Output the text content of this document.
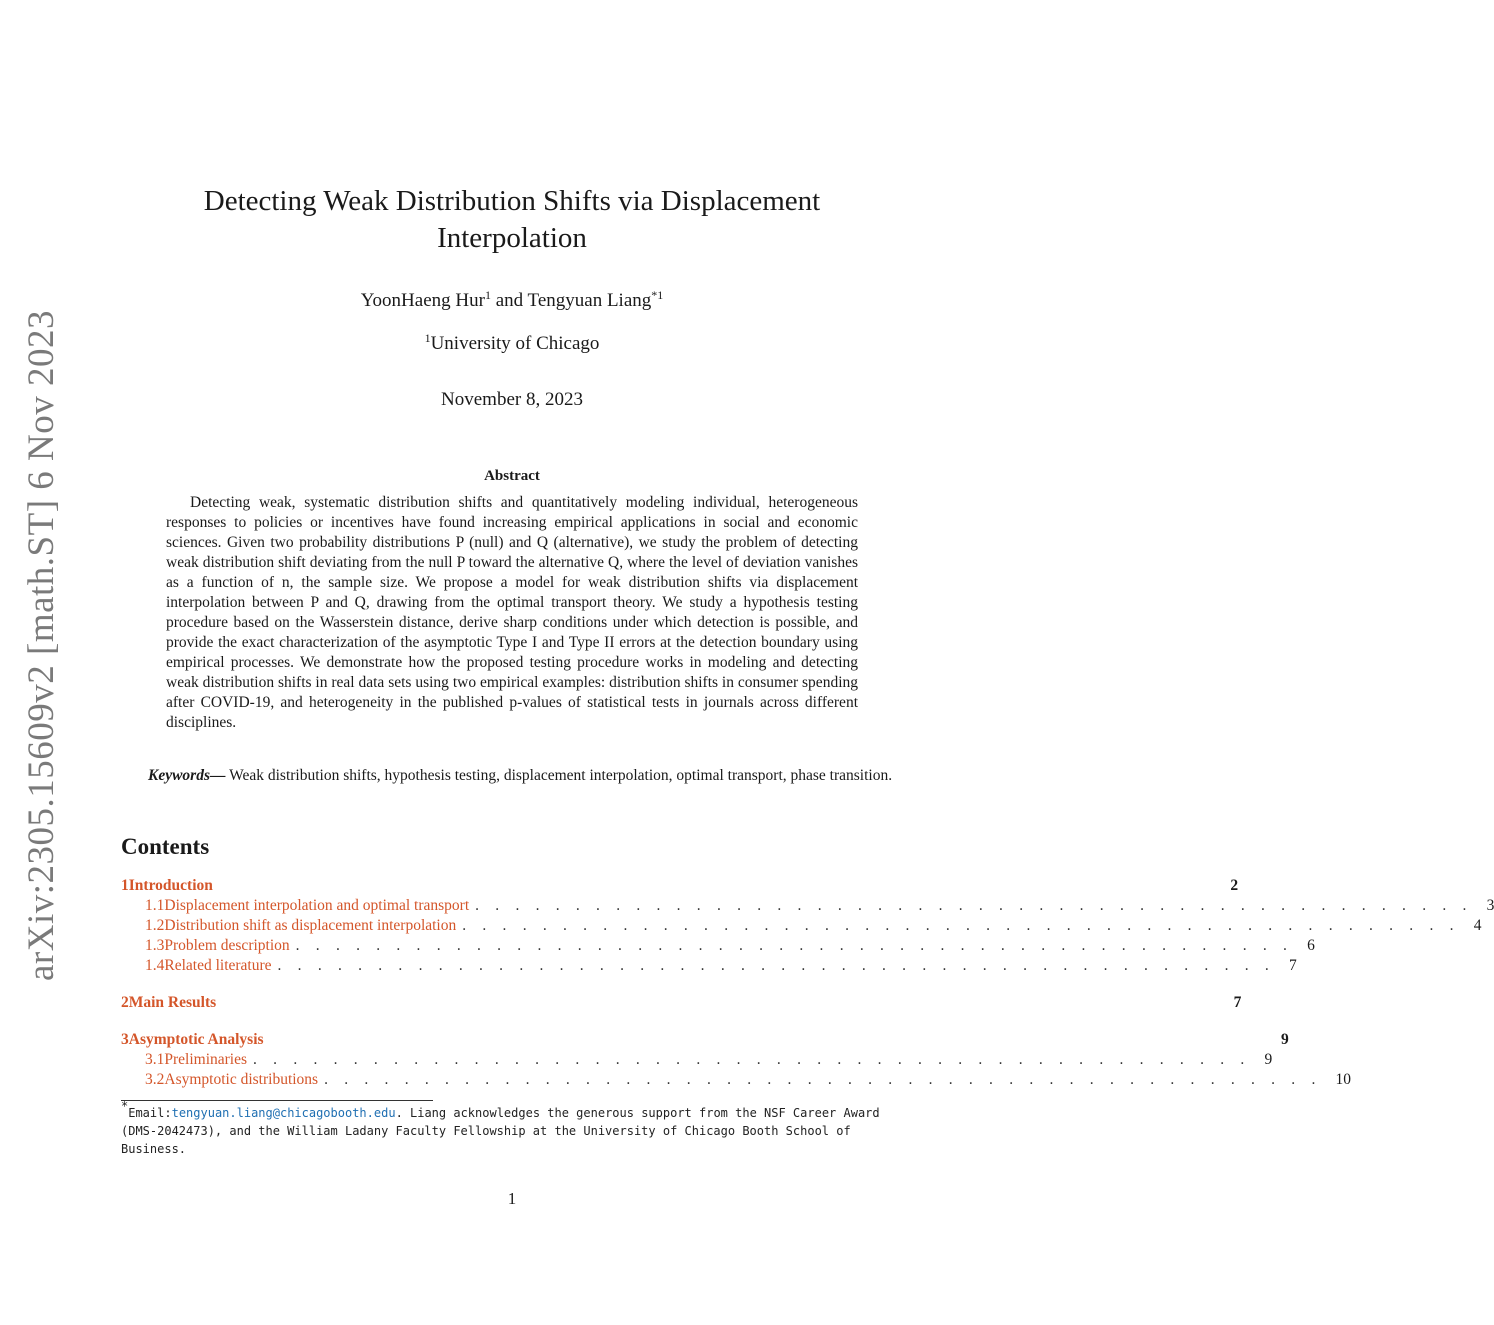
arXiv:2305.15609v2 [math.ST] 6 Nov 2023
Detecting Weak Distribution Shifts via Displacement Interpolation
YoonHaeng Hur$^1$ and Tengyuan Liang$^{*1}$
$^1$University of Chicago
November 8, 2023
Abstract

Detecting weak, systematic distribution shifts and quantitatively modeling individual, heterogeneous responses to policies or incentives have found increasing empirical applications in social and economic sciences. Given two probability distributions P (null) and Q (alternative), we study the problem of detecting weak distribution shift deviating from the null P toward the alternative Q, where the level of deviation vanishes as a function of n, the sample size. We propose a model for weak distribution shifts via displacement interpolation between P and Q, drawing from the optimal transport theory. We study a hypothesis testing procedure based on the Wasserstein distance, derive sharp conditions under which detection is possible, and provide the exact characterization of the asymptotic Type I and Type II errors at the detection boundary using empirical processes. We demonstrate how the proposed testing procedure works in modeling and detecting weak distribution shifts in real data sets using two empirical examples: distribution shifts in consumer spending after COVID-19, and heterogeneity in the published p-values of statistical tests in journals across different disciplines.

Keywords— Weak distribution shifts, hypothesis testing, displacement interpolation, optimal transport, phase transition.

Contents
1 Introduction	2
1.1 Displacement interpolation and optimal transport . . . . . . . . . . . . . . . . . . . . . . . . . . . . . . . . . . . . . . . . . . . . . . . . . . 3
1.2 Distribution shift as displacement interpolation . . . . . . . . . . . . . . . . . . . . . . . . . . . . . . . . . . . . . . . . . . . . . . . . . . 4
1.3 Problem description . . . . . . . . . . . . . . . . . . . . . . . . . . . . . . . . . . . . . . . . . . . . . . . . . . 6
1.4 Related literature . . . . . . . . . . . . . . . . . . . . . . . . . . . . . . . . . . . . . . . . . . . . . . . . . . 7
2 Main Results	7
3 Asymptotic Analysis	9
3.1 Preliminaries . . . . . . . . . . . . . . . . . . . . . . . . . . . . . . . . . . . . . . . . . . . . . . . . . . 9
3.2 Asymptotic distributions . . . . . . . . . . . . . . . . . . . . . . . . . . . . . . . . . . . . . . . . . . . . . . . . . . 10

*Email:tengyuan.liang@chicagobooth.edu. Liang acknowledges the generous support from the NSF Career Award (DMS-2042473), and the William Ladany Faculty Fellowship at the University of Chicago Booth School of Business.

1
